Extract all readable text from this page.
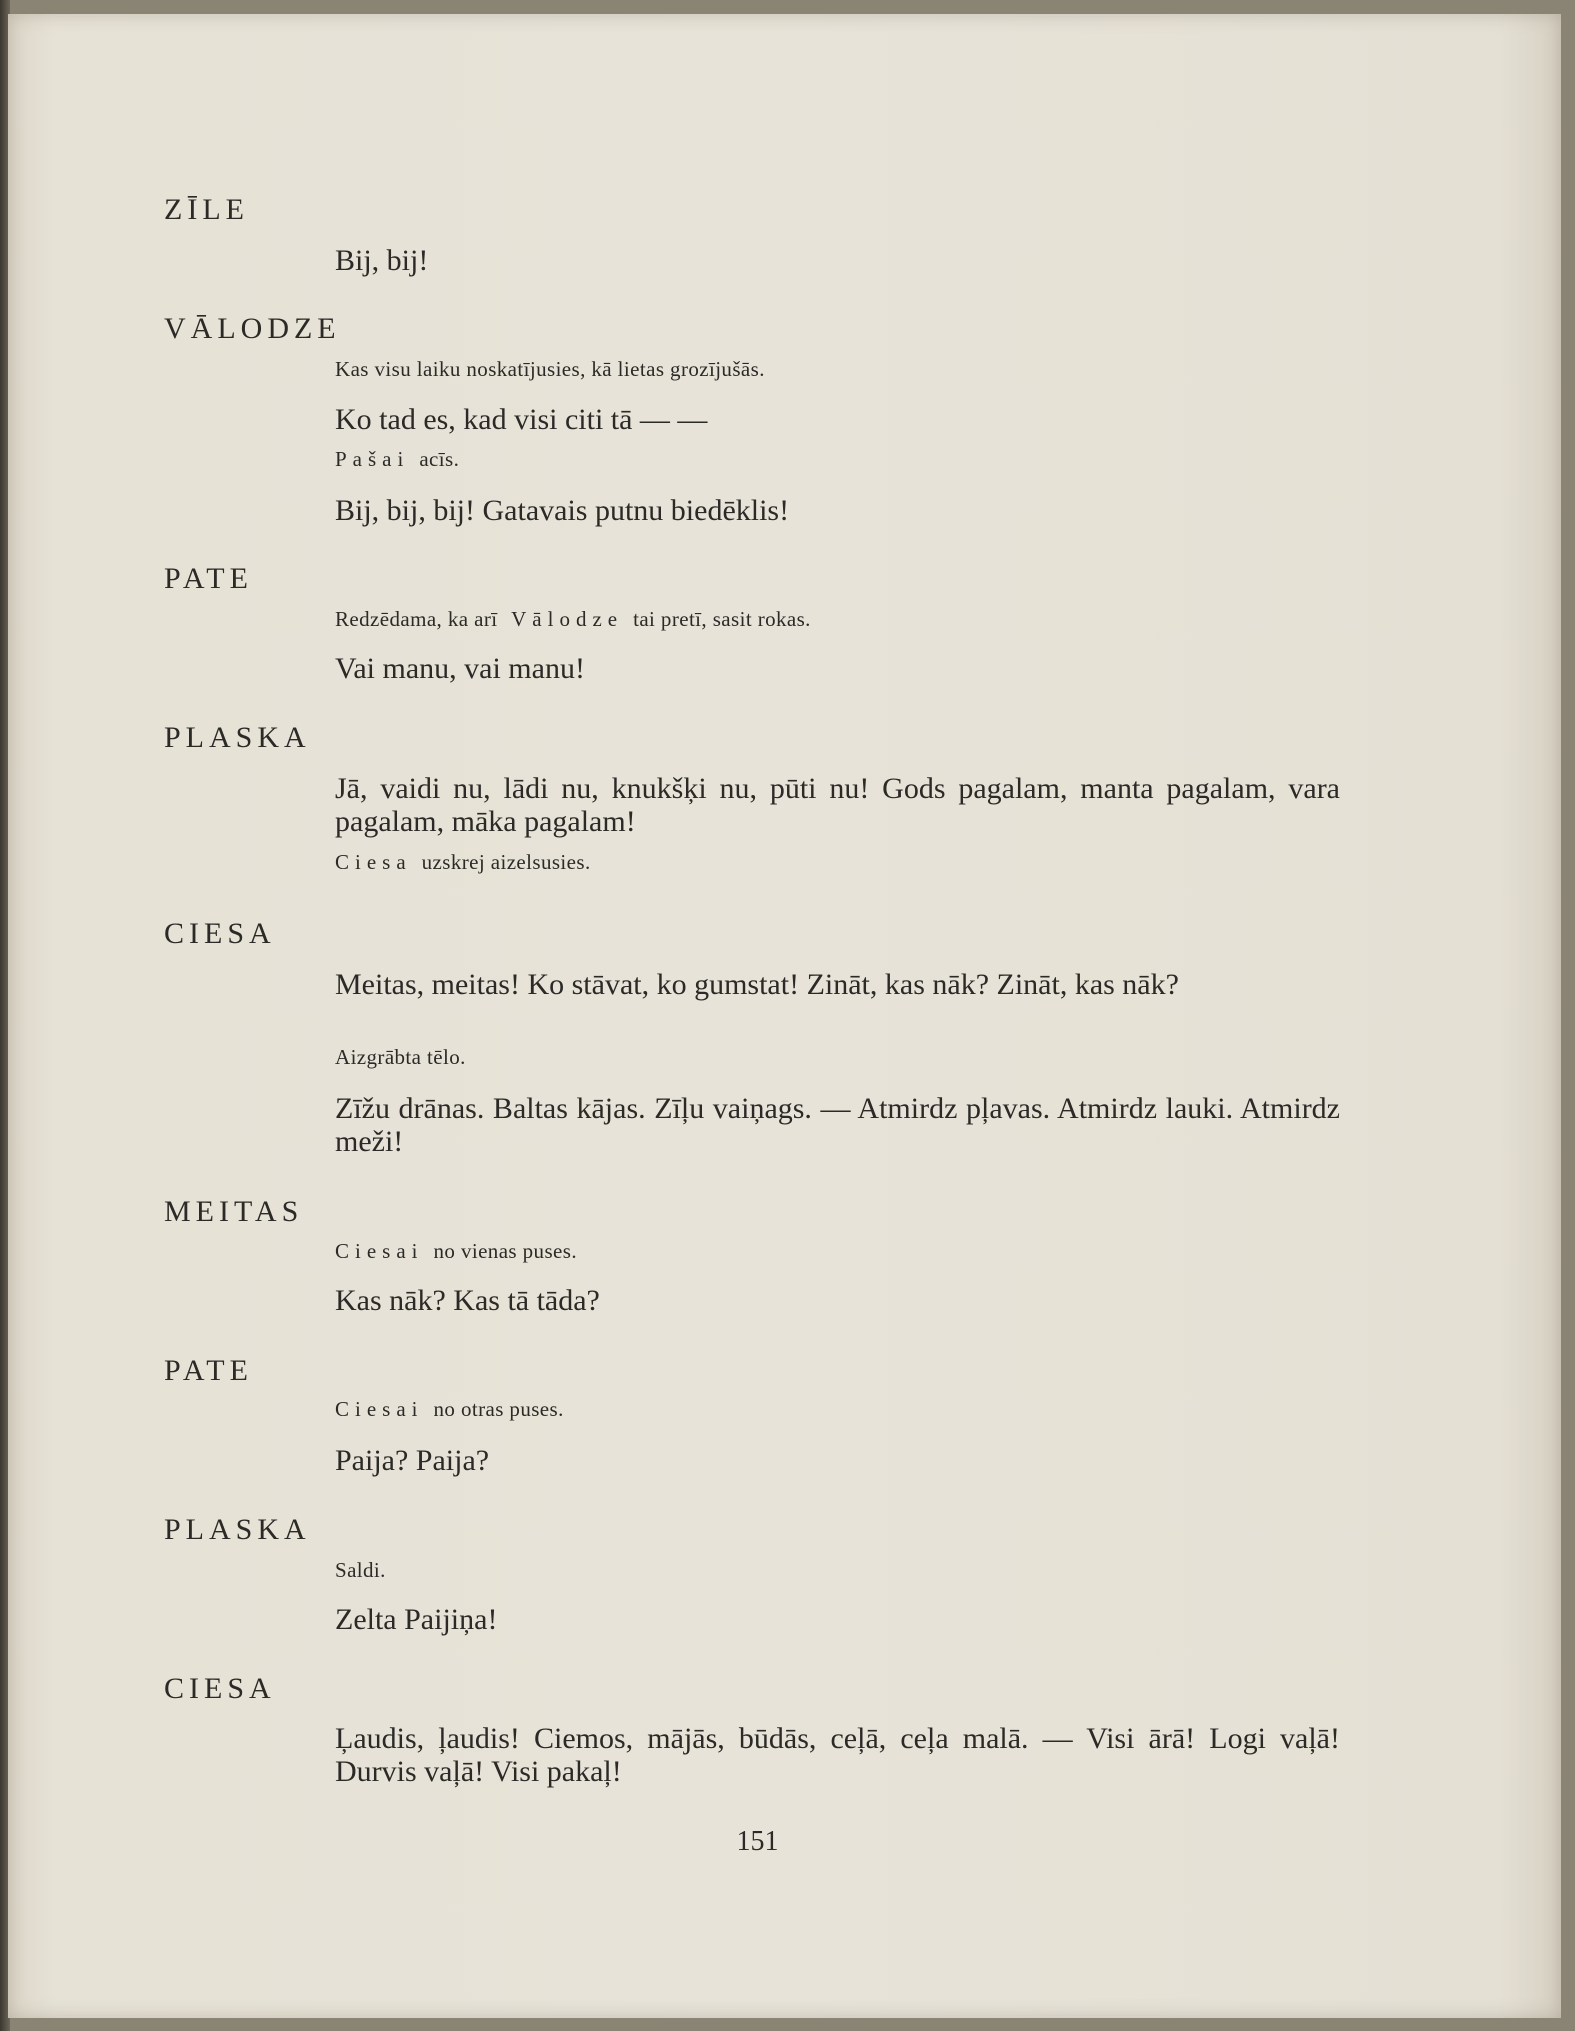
ZĪLE
Bij, bij!
VĀLODZE
Kas visu laiku noskatījusies, kā lietas grozījušās.
Ko tad es, kad visi citi tā — —
Pašai acīs.
Bij, bij, bij! Gatavais putnu biedēklis!
PATE
Redzēdama, ka arī Vālodze tai pretī, sasit rokas.
Vai manu, vai manu!
PLASKA
Jā, vaidi nu, lādi nu, knukšķi nu, pūti nu! Gods pagalam, manta pagalam, vara pagalam, māka pagalam!
Ciesa uzskrej aizelsusies.
CIESA
Meitas, meitas! Ko stāvat, ko gumstat! Zināt, kas nāk? Zināt, kas nāk?
Aizgrābta tēlo.
Zīžu drānas. Baltas kājas. Zīļu vaiņags. — Atmirdz pļavas. Atmirdz lauki. Atmirdz meži!
MEITAS
Ciesai no vienas puses.
Kas nāk? Kas tā tāda?
PATE
Ciesai no otras puses.
Paija? Paija?
PLASKA
Saldi.
Zelta Paijiņa!
CIESA
Ļaudis, ļaudis! Ciemos, mājās, būdās, ceļā, ceļa malā. — Visi ārā! Logi vaļā! Durvis vaļā! Visi pakaļ!
151
